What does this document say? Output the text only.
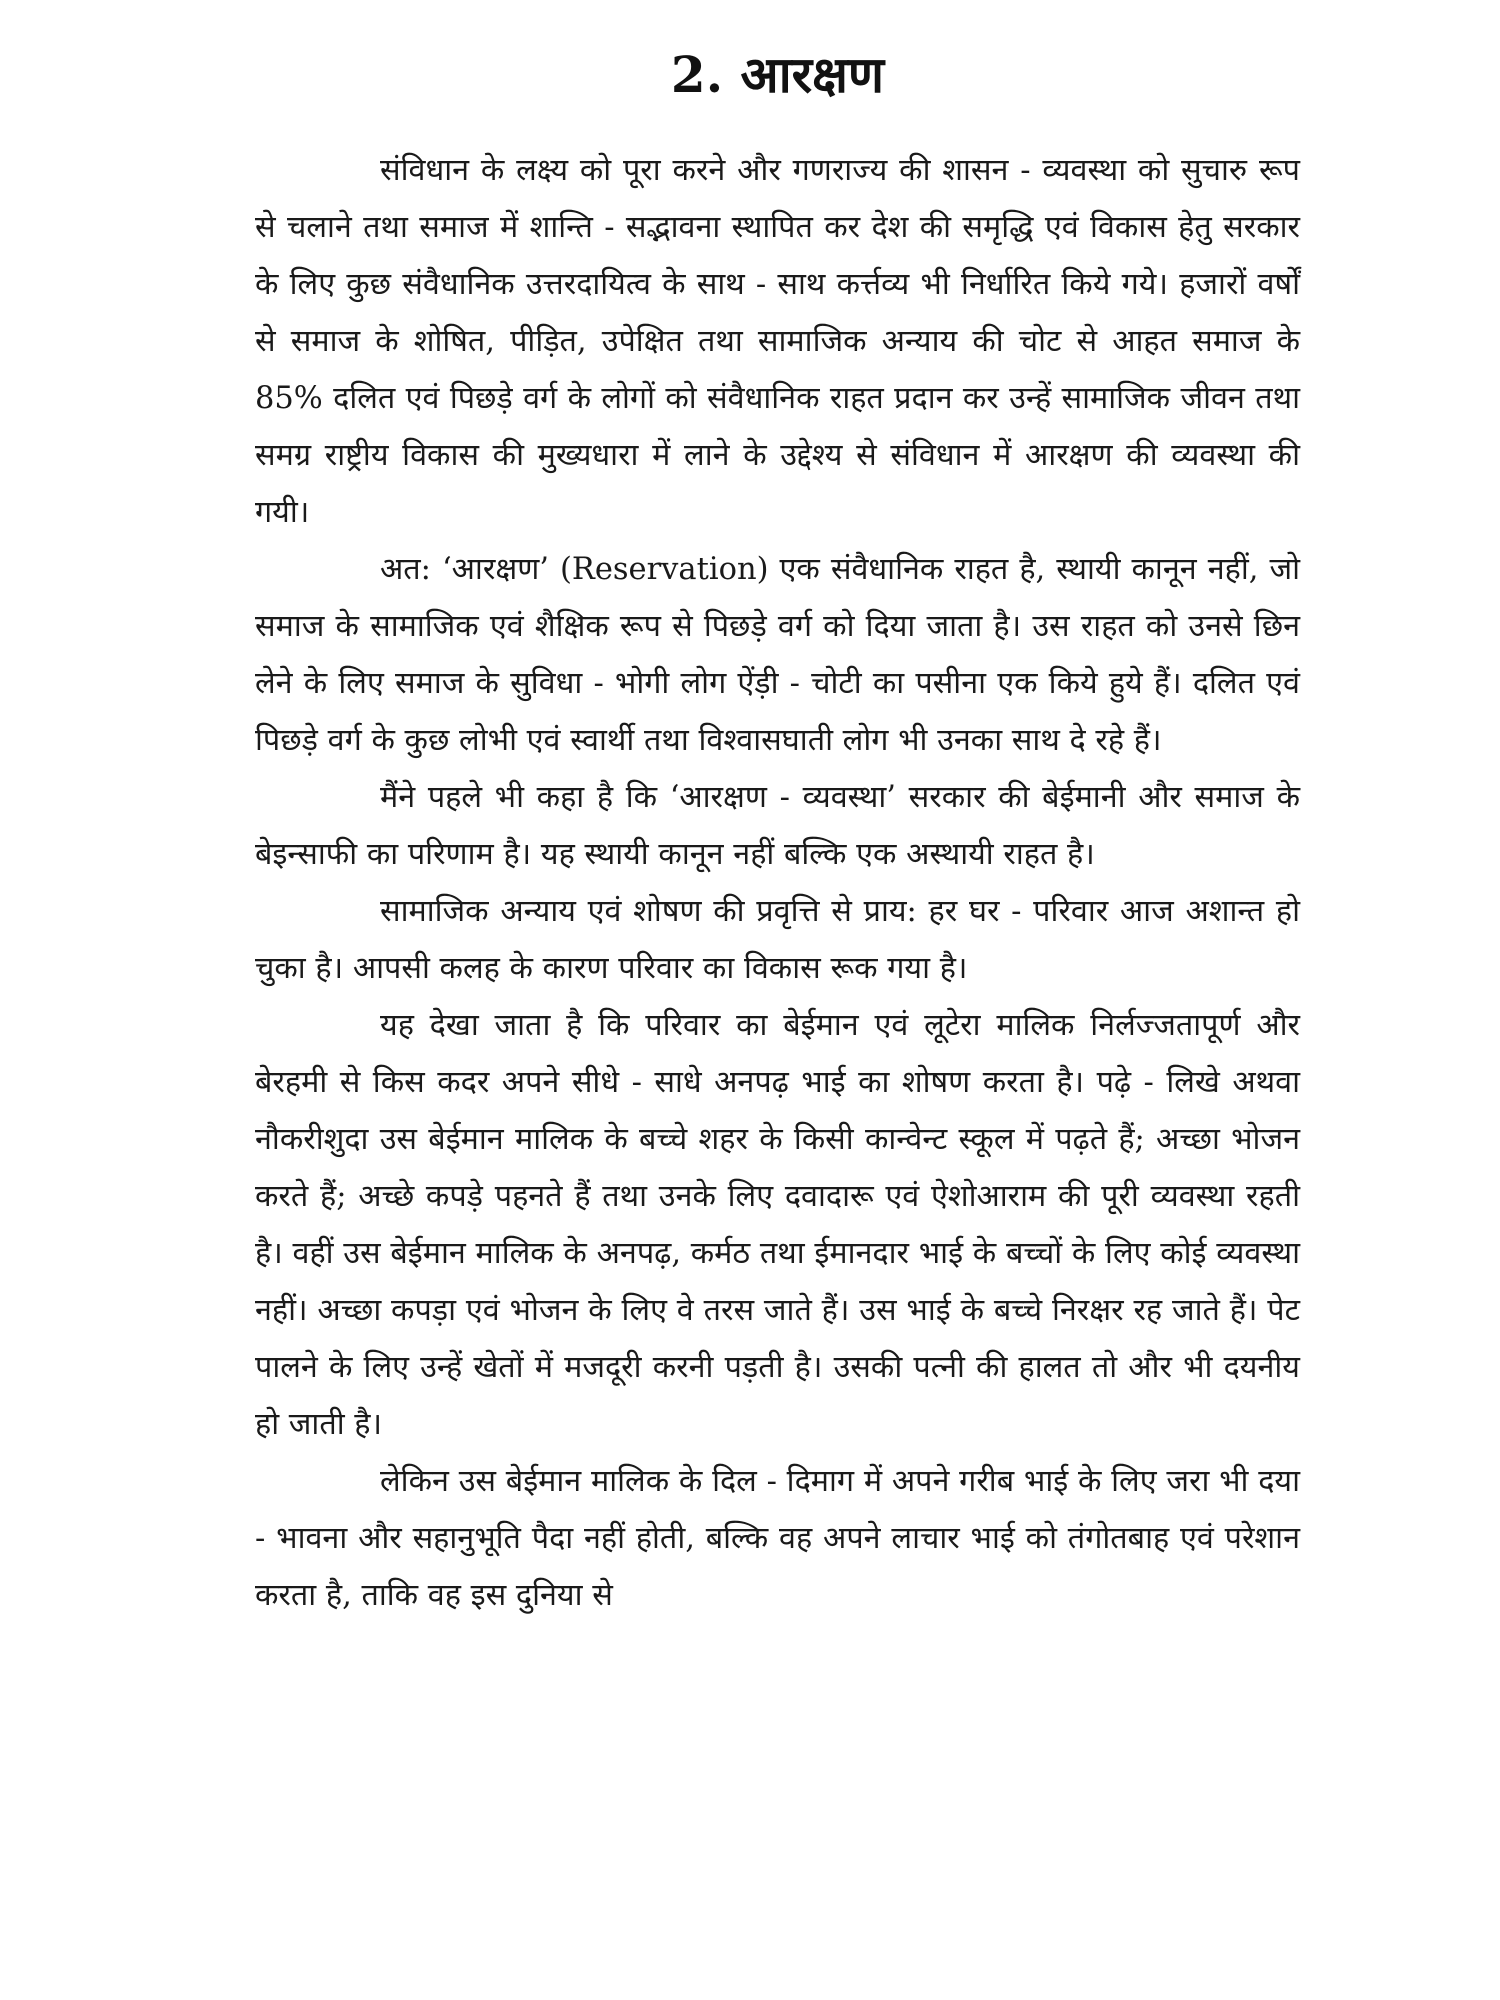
2. आरक्षण

संविधान के लक्ष्य को पूरा करने और गणराज्य की शासन - व्यवस्था को सुचारु रूप से चलाने तथा समाज में शान्ति - सद्भावना स्थापित कर देश की समृद्धि एवं विकास हेतु सरकार के लिए कुछ संवैधानिक उत्तरदायित्व के साथ - साथ कर्त्तव्य भी निर्धारित किये गये। हजारों वर्षों से समाज के शोषित, पीड़ित, उपेक्षित तथा सामाजिक अन्याय की चोट से आहत समाज के 85% दलित एवं पिछड़े वर्ग के लोगों को संवैधानिक राहत प्रदान कर उन्हें सामाजिक जीवन तथा समग्र राष्ट्रीय विकास की मुख्यधारा में लाने के उद्देश्य से संविधान में आरक्षण की व्यवस्था की गयी।

अत: ‘आरक्षण’ (Reservation) एक संवैधानिक राहत है, स्थायी कानून नहीं, जो समाज के सामाजिक एवं शैक्षिक रूप से पिछड़े वर्ग को दिया जाता है। उस राहत को उनसे छिन लेने के लिए समाज के सुविधा - भोगी लोग ऐंड़ी - चोटी का पसीना एक किये हुये हैं। दलित एवं पिछड़े वर्ग के कुछ लोभी एवं स्वार्थी तथा विश्वासघाती लोग भी उनका साथ दे रहे हैं।

मैंने पहले भी कहा है कि ‘आरक्षण - व्यवस्था’ सरकार की बेईमानी और समाज के बेइन्साफी का परिणाम है। यह स्थायी कानून नहीं बल्कि एक अस्थायी राहत है।

सामाजिक अन्याय एवं शोषण की प्रवृत्ति से प्राय: हर घर - परिवार आज अशान्त हो चुका है। आपसी कलह के कारण परिवार का विकास रूक गया है।

यह देखा जाता है कि परिवार का बेईमान एवं लूटेरा मालिक निर्लज्जतापूर्ण और बेरहमी से किस कदर अपने सीधे - साधे अनपढ़ भाई का शोषण करता है। पढ़े - लिखे अथवा नौकरीशुदा उस बेईमान मालिक के बच्चे शहर के किसी कान्वेन्ट स्कूल में पढ़ते हैं; अच्छा भोजन करते हैं; अच्छे कपड़े पहनते हैं तथा उनके लिए दवादारू एवं ऐशोआराम की पूरी व्यवस्था रहती है। वहीं उस बेईमान मालिक के अनपढ़, कर्मठ तथा ईमानदार भाई के बच्चों के लिए कोई व्यवस्था नहीं। अच्छा कपड़ा एवं भोजन के लिए वे तरस जाते हैं। उस भाई के बच्चे निरक्षर रह जाते हैं। पेट पालने के लिए उन्हें खेतों में मजदूरी करनी पड़ती है। उसकी पत्नी की हालत तो और भी दयनीय हो जाती है।

लेकिन उस बेईमान मालिक के दिल - दिमाग में अपने गरीब भाई के लिए जरा भी दया - भावना और सहानुभूति पैदा नहीं होती, बल्कि वह अपने लाचार भाई को तंगोतबाह एवं परेशान करता है, ताकि वह इस दुनिया से
